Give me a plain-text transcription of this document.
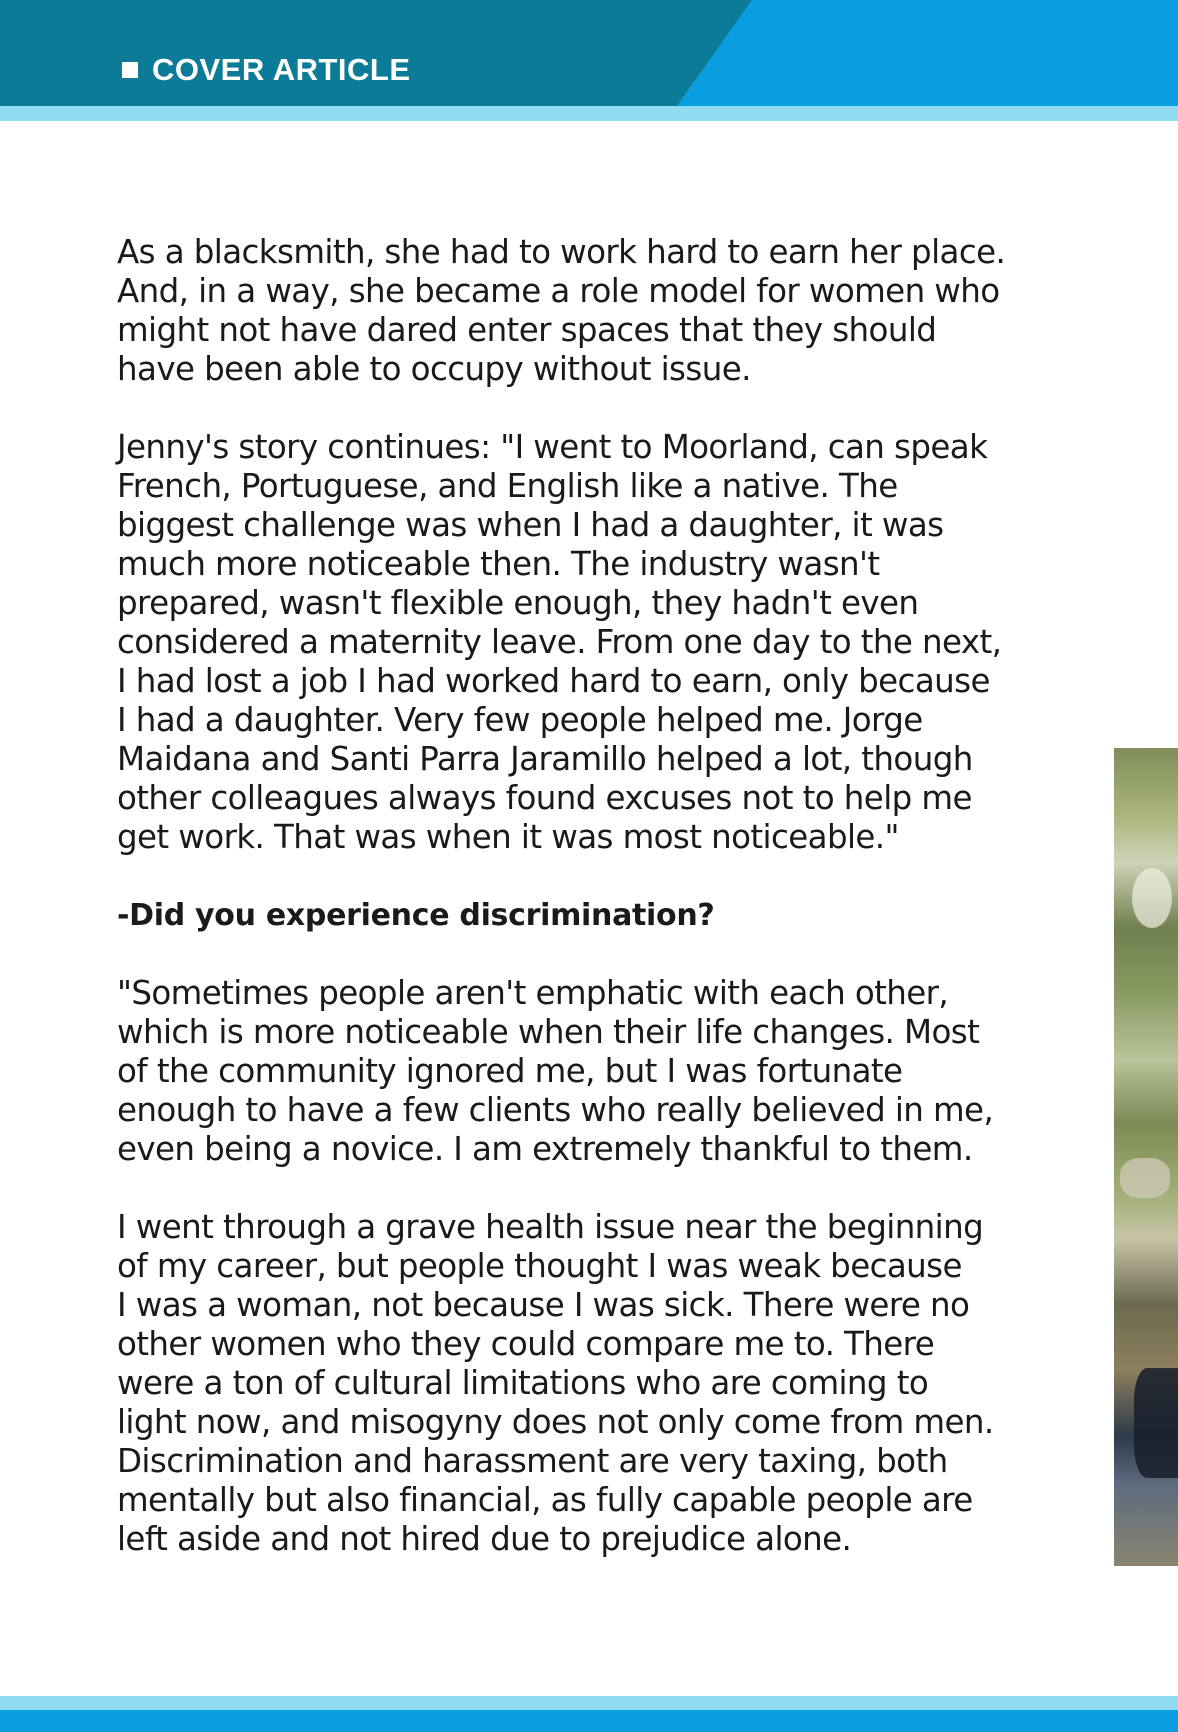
COVER ARTICLE

As a blacksmith, she had to work hard to earn her place.
And, in a way, she became a role model for women who
might not have dared enter spaces that they should
have been able to occupy without issue.

Jenny's story continues: "I went to Moorland, can speak
French, Portuguese, and English like a native. The
biggest challenge was when I had a daughter, it was
much more noticeable then. The industry wasn't
prepared, wasn't flexible enough, they hadn't even
considered a maternity leave. From one day to the next,
I had lost a job I had worked hard to earn, only because
I had a daughter. Very few people helped me. Jorge
Maidana and Santi Parra Jaramillo helped a lot, though
other colleagues always found excuses not to help me
get work. That was when it was most noticeable."

-Did you experience discrimination?

"Sometimes people aren't emphatic with each other,
which is more noticeable when their life changes. Most
of the community ignored me, but I was fortunate
enough to have a few clients who really believed in me,
even being a novice. I am extremely thankful to them.

I went through a grave health issue near the beginning
of my career, but people thought I was weak because
I was a woman, not because I was sick. There were no
other women who they could compare me to. There
were a ton of cultural limitations who are coming to
light now, and misogyny does not only come from men.
Discrimination and harassment are very taxing, both
mentally but also financial, as fully capable people are
left aside and not hired due to prejudice alone.
